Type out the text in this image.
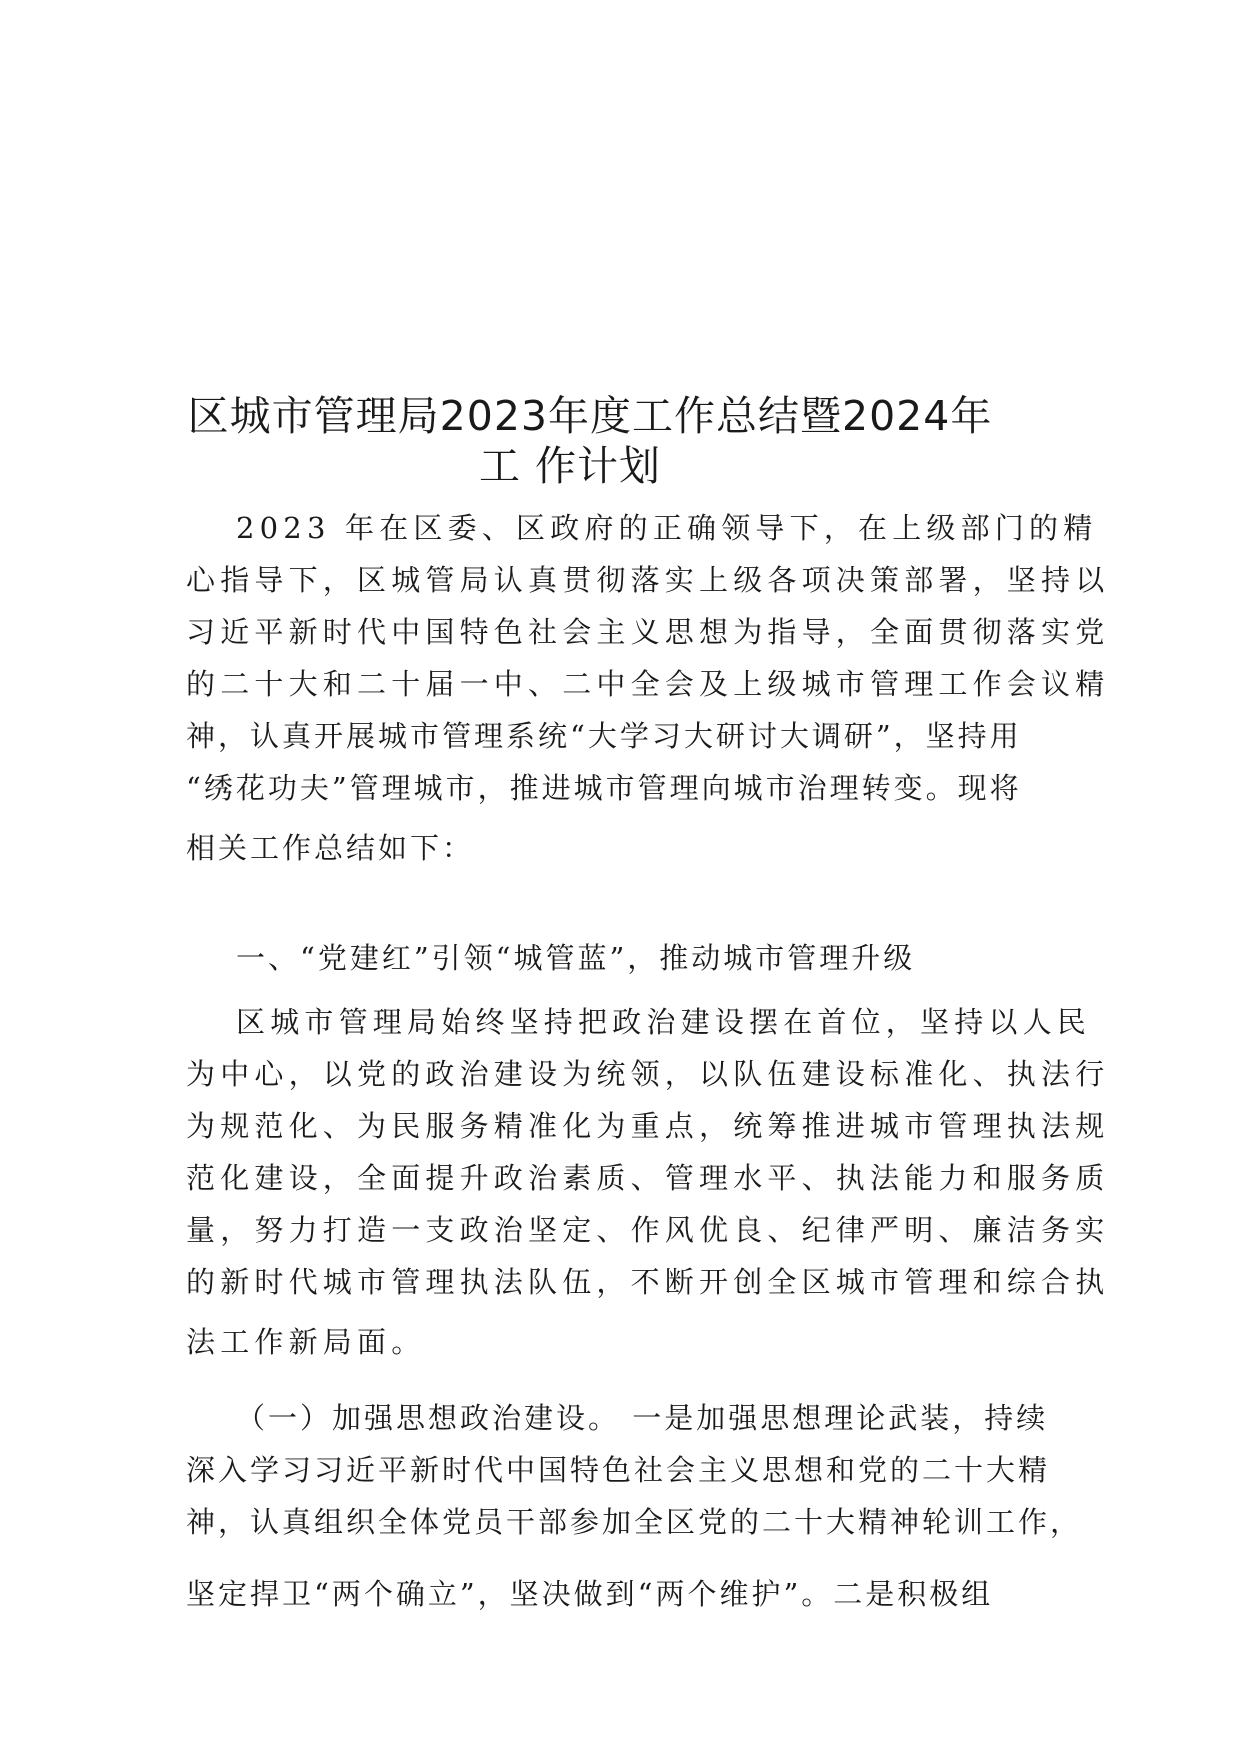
区城市管理局2023年度工作总结暨2024年
工 作计划

2023 年在区委、区政府的正确领导下，在上级部门的精

心指导下，区城管局认真贯彻落实上级各项决策部署，坚持以

习近平新时代中国特色社会主义思想为指导，全面贯彻落实党

的二十大和二十届一中、二中全会及上级城市管理工作会议精

神，认真开展城市管理系统“大学习大研讨大调研”，坚持用

“绣花功夫”管理城市，推进城市管理向城市治理转变。现将

相关工作总结如下：

一、“党建红”引领“城管蓝”，推动城市管理升级

区城市管理局始终坚持把政治建设摆在首位，坚持以人民

为中心，以党的政治建设为统领，以队伍建设标准化、执法行

为规范化、为民服务精准化为重点，统筹推进城市管理执法规

范化建设，全面提升政治素质、管理水平、执法能力和服务质

量，努力打造一支政治坚定、作风优良、纪律严明、廉洁务实

的新时代城市管理执法队伍，不断开创全区城市管理和综合执

法工作新局面。

（一）加强思想政治建设。 一是加强思想理论武装，持续

深入学习习近平新时代中国特色社会主义思想和党的二十大精

神，认真组织全体党员干部参加全区党的二十大精神轮训工作，

坚定捍卫“两个确立”，坚决做到“两个维护”。二是积极组
